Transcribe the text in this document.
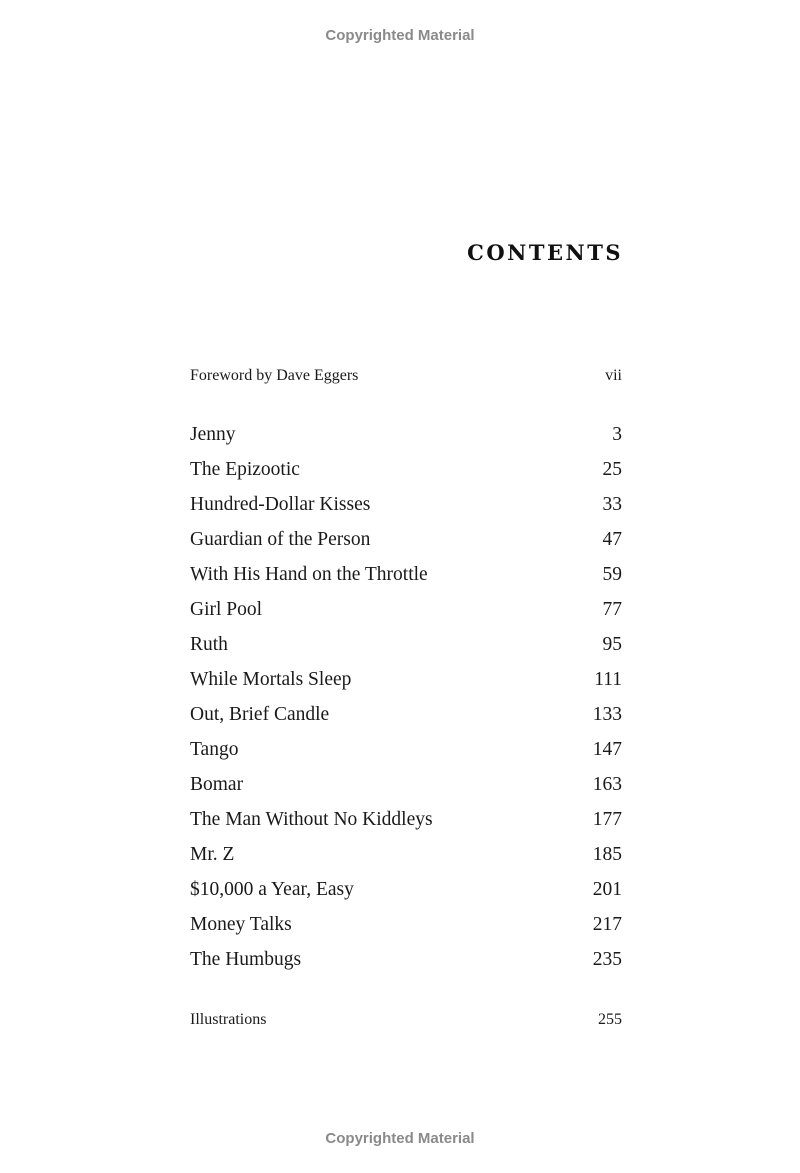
Copyrighted Material
CONTENTS
Foreword by Dave Eggers	vii
Jenny	3
The Epizootic	25
Hundred-Dollar Kisses	33
Guardian of the Person	47
With His Hand on the Throttle	59
Girl Pool	77
Ruth	95
While Mortals Sleep	111
Out, Brief Candle	133
Tango	147
Bomar	163
The Man Without No Kiddleys	177
Mr. Z	185
$10,000 a Year, Easy	201
Money Talks	217
The Humbugs	235
Illustrations	255
Copyrighted Material
